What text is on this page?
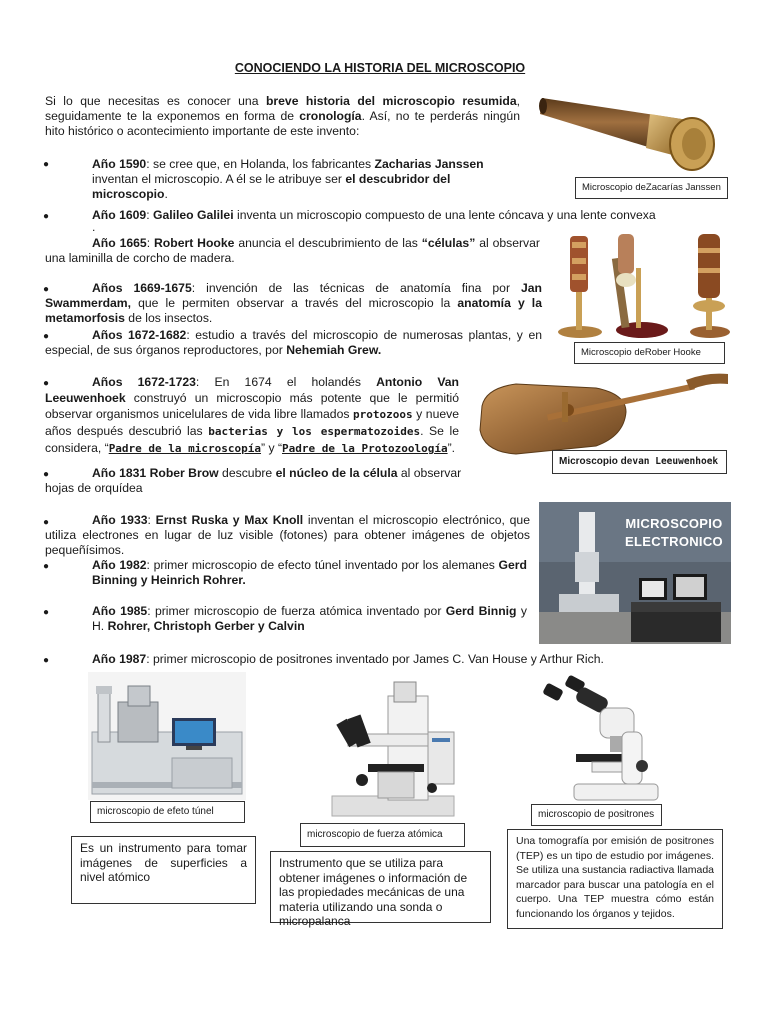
CONOCIENDO LA HISTORIA DEL MICROSCOPIO
Si lo que necesitas es conocer una breve historia del microscopio resumida, seguidamente te la exponemos en forma de cronología. Así, no te perderás ningún hito histórico o acontecimiento importante de este invento:
●	Año 1590: se cree que, en Holanda, los fabricantes Zacharias Janssen inventan el microscopio. A él se le atribuye ser el descubridor del microscopio.
●	Año 1609: Galileo Galilei inventa un microscopio compuesto de una lente cóncava y una lente convexa
.
Año 1665: Robert Hooke anuncia el descubrimiento de las “células” al observar una laminilla de corcho de madera.
●	Años 1669-1675: invención de las técnicas de anatomía fina por Jan Swammerdam, que le permiten observar a través del microscopio la anatomía y la metamorfosis de los insectos.
●	Años 1672-1682: estudio a través del microscopio de numerosas plantas, y en especial, de sus órganos reproductores, por Nehemiah Grew.
●	Años 1672-1723: En 1674 el holandés Antonio Van Leeuwenhoek construyó un microscopio más potente que le permitió observar organismos unicelulares de vida libre llamados protozoos y nueve años después descubrió las bacterias y los espermatozoides. Se le considera, “Padre de la microscopía” y “Padre de la Protozoología”.
●	Año 1831 Rober Brow descubre el núcleo de la célula al observar hojas de orquídea
●	Año 1933: Ernst Ruska y Max Knoll inventan el microscopio electrónico, que utiliza electrones en lugar de luz visible (fotones) para obtener imágenes de objetos pequeñísimos.
●	Año 1982: primer microscopio de efecto túnel inventado por los alemanes Gerd Binning y Heinrich Rohrer.
●	Año 1985: primer microscopio de fuerza atómica inventado por Gerd Binnig y H. Rohrer, Christoph Gerber y Calvin
●	Año 1987: primer microscopio de positrones inventado por James C. Van House y Arthur Rich.
Microscopio de Zacarías Janssen
Microscopio de Rober Hooke
Microscopio de van Leeuwenhoek
MICROSCOPIO
ELECTRONICO
microscopio de efeto túnel
microscopio de fuerza atómica
microscopio de positrones
Es un instrumento para tomar imágenes de superficies a nivel atómico
Instrumento que se utiliza para obtener imágenes o información de las propiedades mecánicas de una materia utilizando una sonda o micropalanca
Una tomografía por emisión de positrones (TEP) es un tipo de estudio por imágenes. Se utiliza una sustancia radiactiva llamada marcador para buscar una patología en el cuerpo. Una TEP muestra cómo están funcionando los órganos y tejidos.
